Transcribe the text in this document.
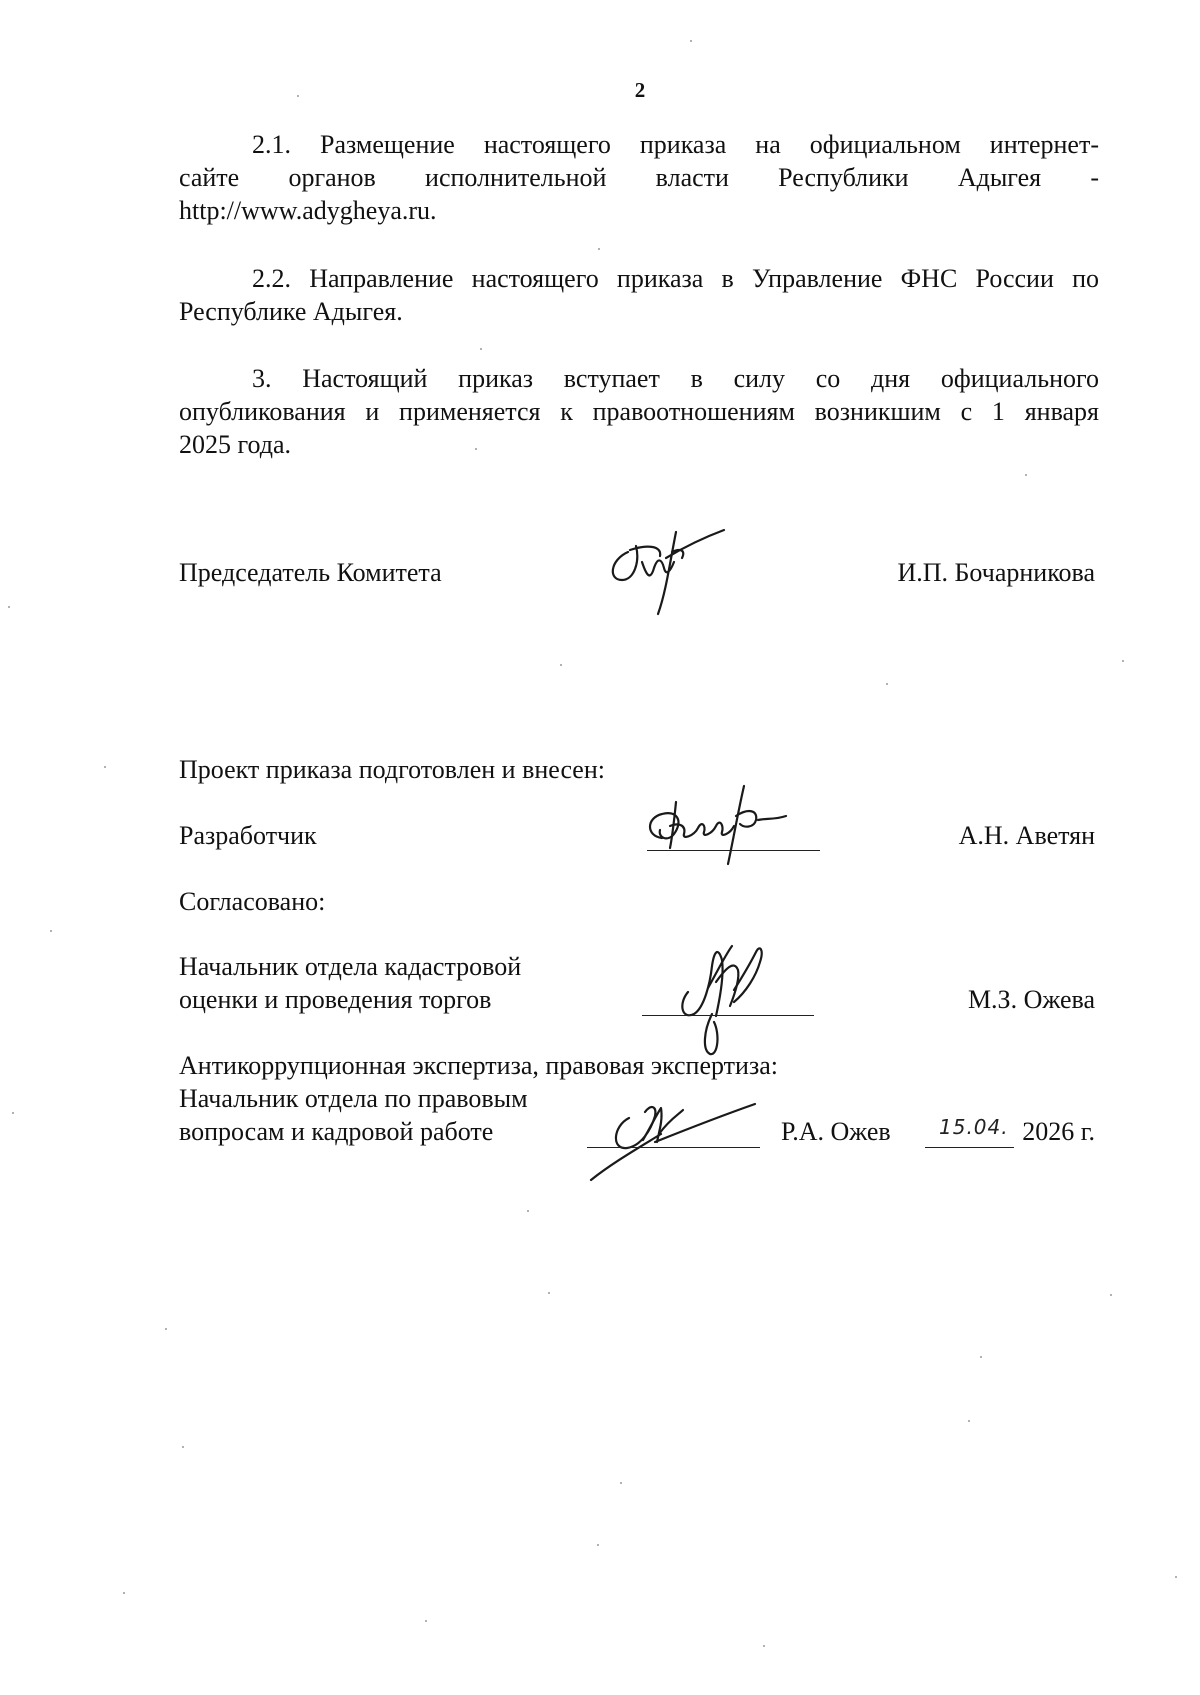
2
2.1. Размещение настоящего приказа на официальном интернет-
сайте органов исполнительной власти Республики Адыгея -
http://www.adygheya.ru.
2.2. Направление настоящего приказа в Управление ФНС России по
Республике Адыгея.
3. Настоящий приказ вступает в силу со дня официального
опубликования и применяется к правоотношениям возникшим с 1 января
2025 года.
Председатель Комитета	И.П. Бочарникова
Проект приказа подготовлен и внесен:
Разработчик	А.Н. Аветян
Согласовано:
Начальник отдела кадастровой
оценки и проведения торгов	М.З. Ожева
Антикоррупционная экспертиза, правовая экспертиза:
Начальник отдела по правовым
вопросам и кадровой работе	Р.А. Ожев 15.04. 2026 г.
